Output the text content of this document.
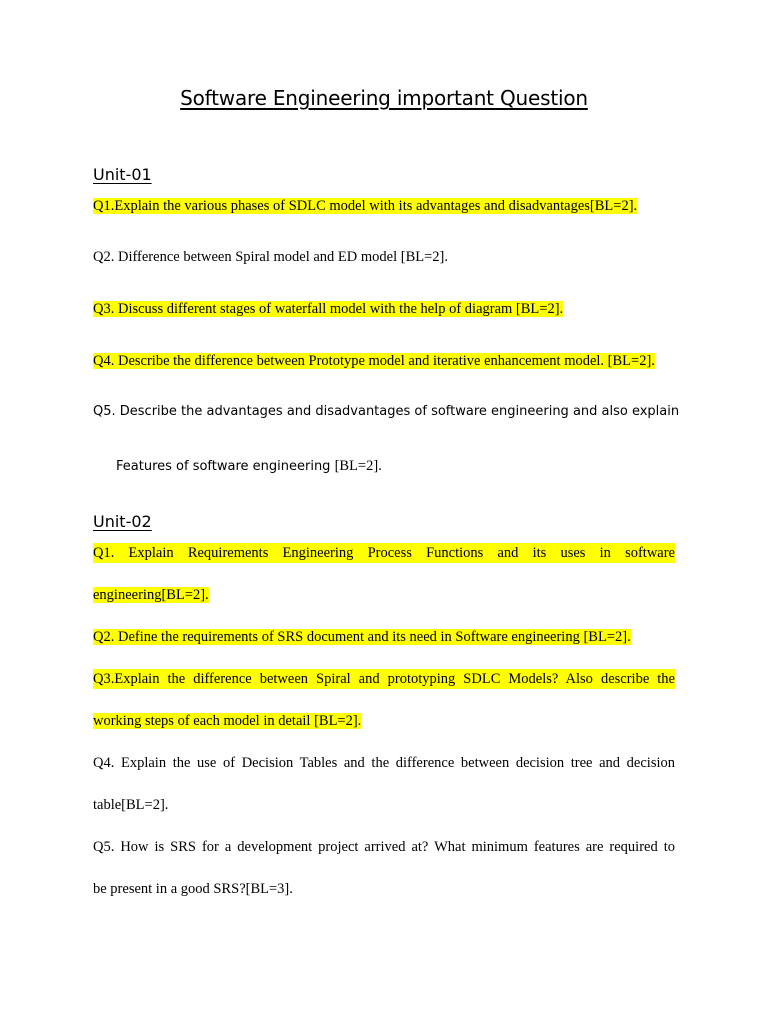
Software Engineering important Question
Unit-01
Q1.Explain the various phases of SDLC model with its advantages and disadvantages[BL=2].
Q2. Difference between Spiral model and ED model [BL=2].
Q3. Discuss different stages of waterfall model with the help of diagram [BL=2].
Q4. Describe the difference between Prototype model and iterative enhancement model. [BL=2].
Q5. Describe the advantages and disadvantages of software engineering and also explain
Features of software engineering [BL=2].
Unit-02
Q1. Explain Requirements Engineering Process Functions and its uses in software
engineering[BL=2].
Q2. Define the requirements of SRS document and its need in Software engineering [BL=2].
Q3.Explain the difference between Spiral and prototyping SDLC Models? Also describe the
working steps of each model in detail [BL=2].
Q4. Explain the use of Decision Tables and the difference between decision tree and decision
table[BL=2].
Q5. How is SRS for a development project arrived at? What minimum features are required to
be present in a good SRS?[BL=3].
